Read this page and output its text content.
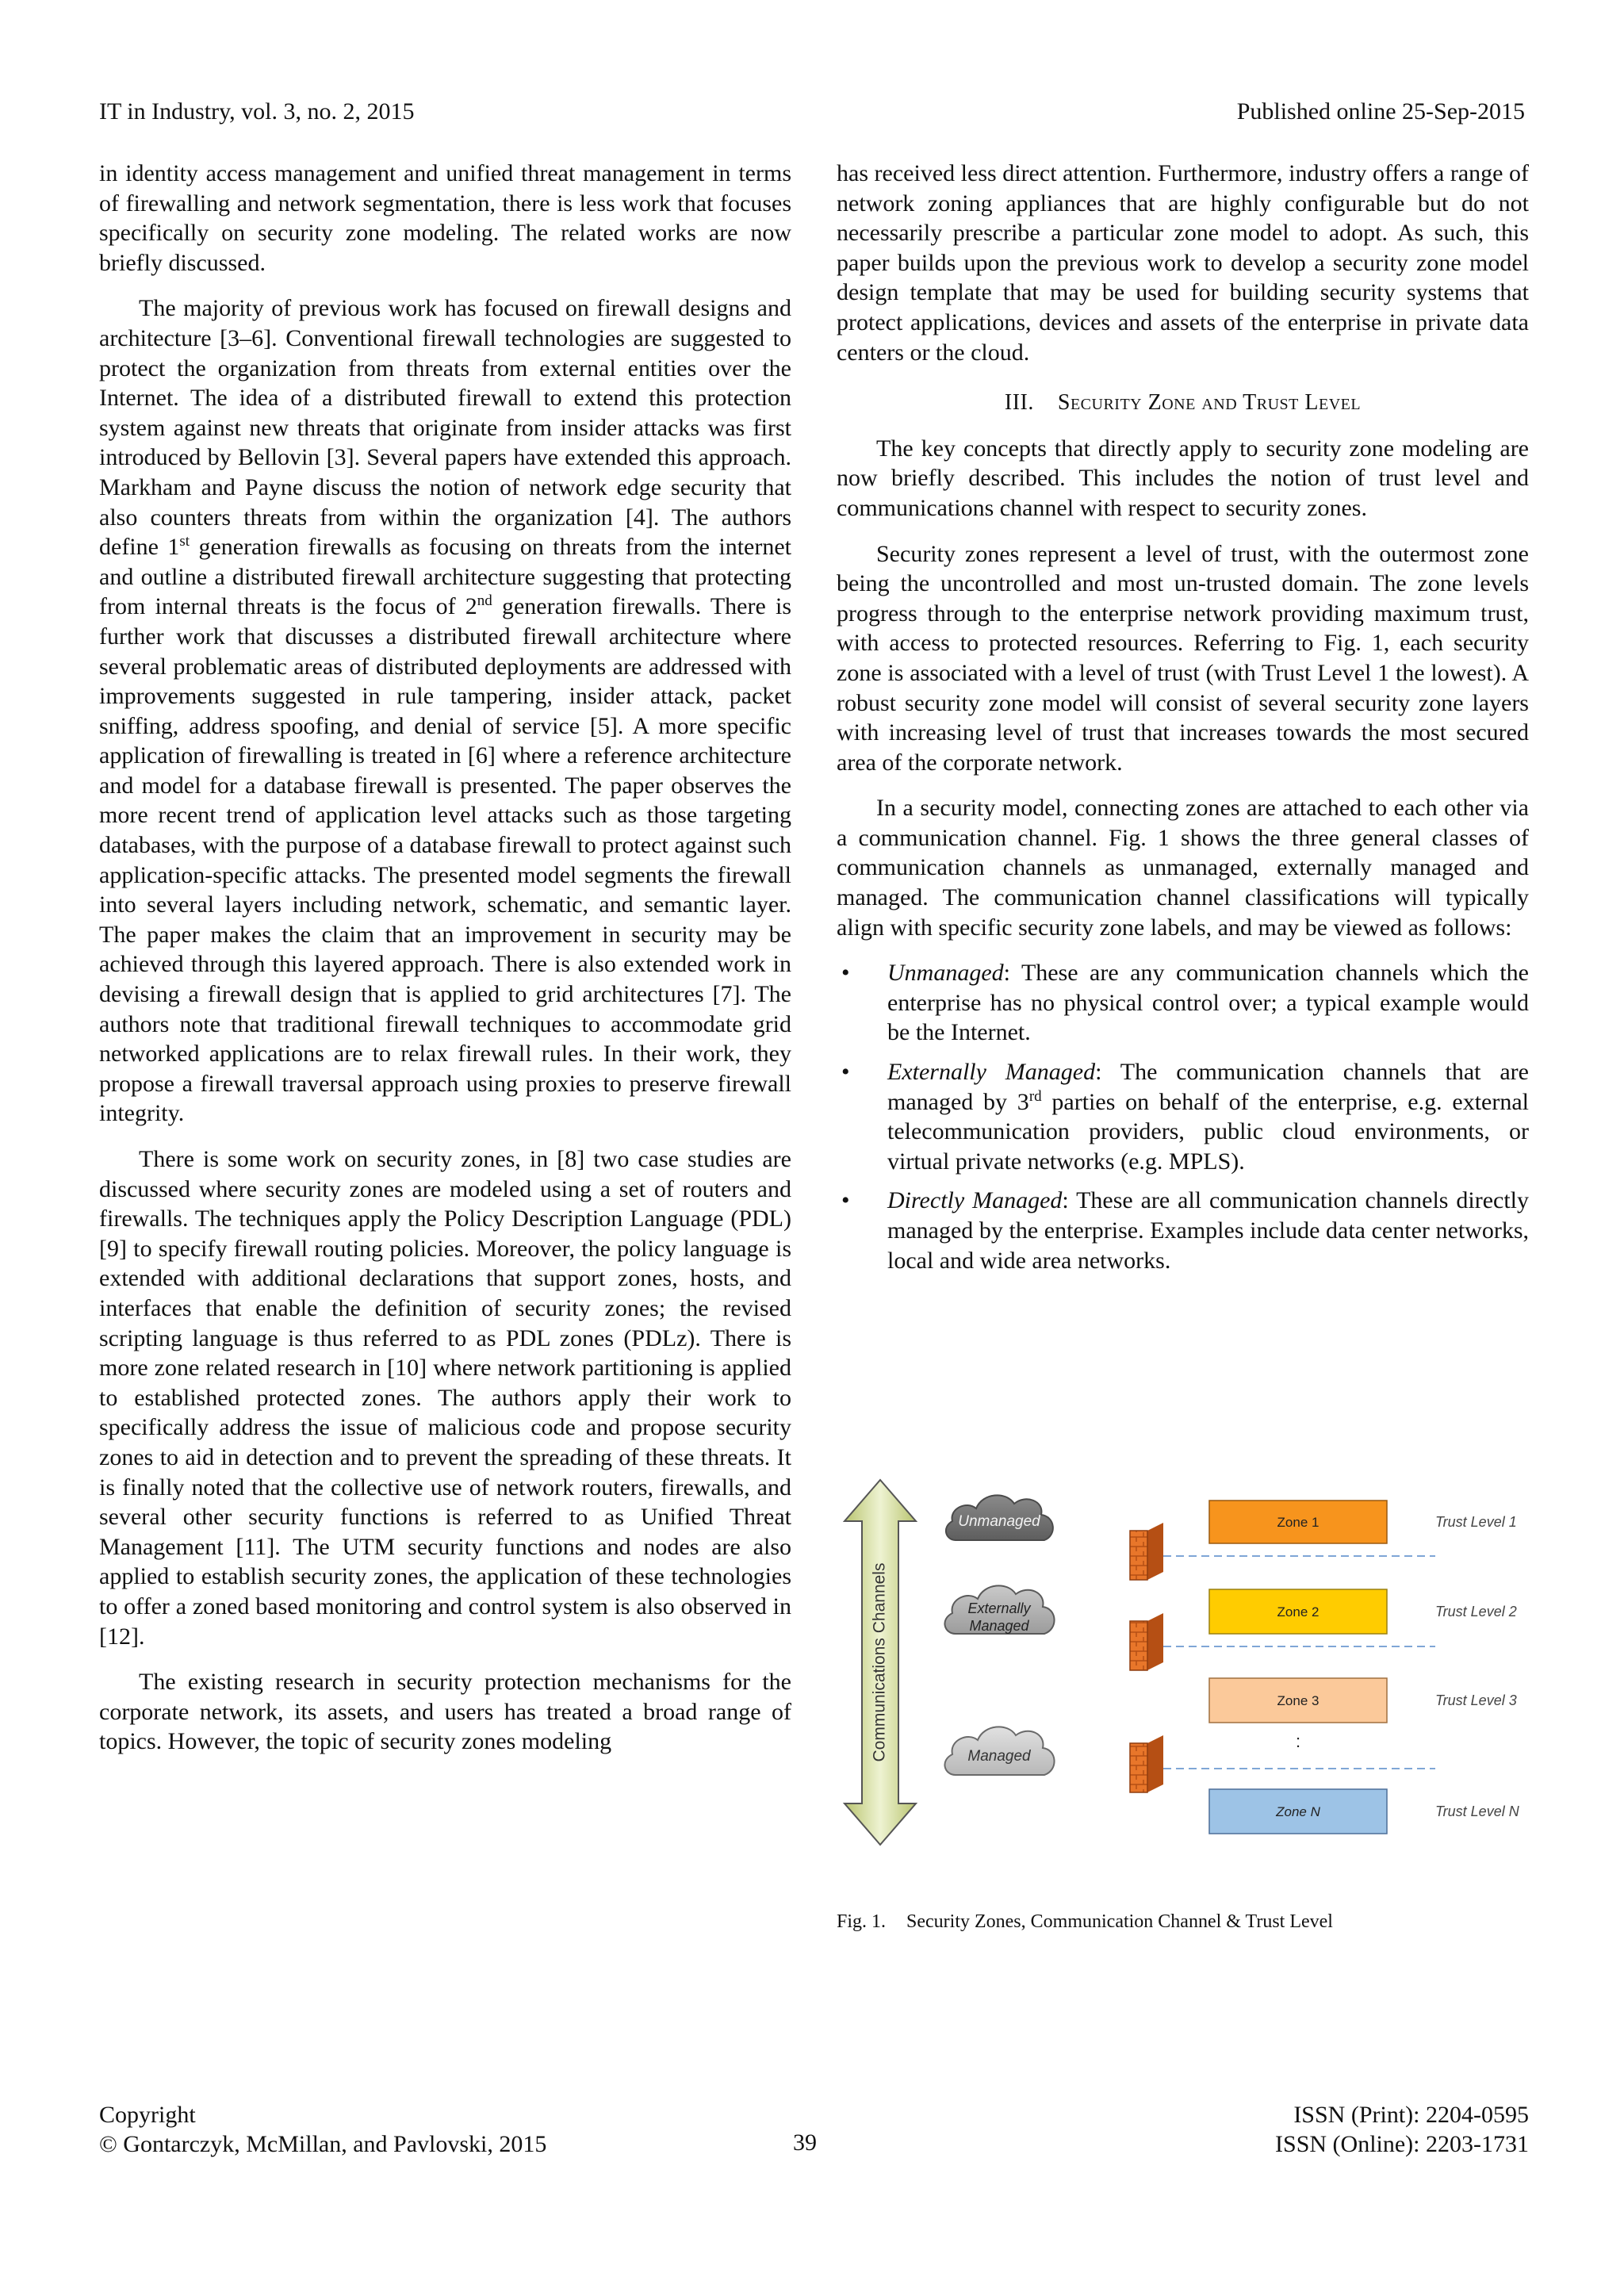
IT in Industry, vol. 3, no. 2, 2015	Published online 25-Sep-2015

in identity access management and unified threat management in terms of firewalling and network segmentation, there is less work that focuses specifically on security zone modeling. The related works are now briefly discussed.

The majority of previous work has focused on firewall designs and architecture [3–6]. Conventional firewall technologies are suggested to protect the organization from threats from external entities over the Internet. The idea of a distributed firewall to extend this protection system against new threats that originate from insider attacks was first introduced by Bellovin [3]. Several papers have extended this approach. Markham and Payne discuss the notion of network edge security that also counters threats from within the organization [4]. The authors define 1st generation firewalls as focusing on threats from the internet and outline a distributed firewall architecture suggesting that protecting from internal threats is the focus of 2nd generation firewalls. There is further work that discusses a distributed firewall architecture where several problematic areas of distributed deployments are addressed with improvements suggested in rule tampering, insider attack, packet sniffing, address spoofing, and denial of service [5]. A more specific application of firewalling is treated in [6] where a reference architecture and model for a database firewall is presented. The paper observes the more recent trend of application level attacks such as those targeting databases, with the purpose of a database firewall to protect against such application-specific attacks. The presented model segments the firewall into several layers including network, schematic, and semantic layer. The paper makes the claim that an improvement in security may be achieved through this layered approach. There is also extended work in devising a firewall design that is applied to grid architectures [7]. The authors note that traditional firewall techniques to accommodate grid networked applications are to relax firewall rules. In their work, they propose a firewall traversal approach using proxies to preserve firewall integrity.

There is some work on security zones, in [8] two case studies are discussed where security zones are modeled using a set of routers and firewalls. The techniques apply the Policy Description Language (PDL) [9] to specify firewall routing policies. Moreover, the policy language is extended with additional declarations that support zones, hosts, and interfaces that enable the definition of security zones; the revised scripting language is thus referred to as PDL zones (PDLz). There is more zone related research in [10] where network partitioning is applied to established protected zones. The authors apply their work to specifically address the issue of malicious code and propose security zones to aid in detection and to prevent the spreading of these threats. It is finally noted that the collective use of network routers, firewalls, and several other security functions is referred to as Unified Threat Management [11]. The UTM security functions and nodes are also applied to establish security zones, the application of these technologies to offer a zoned based monitoring and control system is also observed in [12].

The existing research in security protection mechanisms for the corporate network, its assets, and users has treated a broad range of topics. However, the topic of security zones modeling

has received less direct attention. Furthermore, industry offers a range of network zoning appliances that are highly configurable but do not necessarily prescribe a particular zone model to adopt. As such, this paper builds upon the previous work to develop a security zone model design template that may be used for building security systems that protect applications, devices and assets of the enterprise in private data centers or the cloud.

III. Security Zone and Trust Level

The key concepts that directly apply to security zone modeling are now briefly described. This includes the notion of trust level and communications channel with respect to security zones.

Security zones represent a level of trust, with the outermost zone being the uncontrolled and most un-trusted domain. The zone levels progress through to the enterprise network providing maximum trust, with access to protected resources. Referring to Fig. 1, each security zone is associated with a level of trust (with Trust Level 1 the lowest). A robust security zone model will consist of several security zone layers with increasing level of trust that increases towards the most secured area of the corporate network.

In a security model, connecting zones are attached to each other via a communication channel. Fig. 1 shows the three general classes of communication channels as unmanaged, externally managed and managed. The communication channel classifications will typically align with specific security zone labels, and may be viewed as follows:

• Unmanaged: These are any communication channels which the enterprise has no physical control over; a typical example would be the Internet.
• Externally Managed: The communication channels that are managed by 3rd parties on behalf of the enterprise, e.g. external telecommunication providers, public cloud environments, or virtual private networks (e.g. MPLS).
• Directly Managed: These are all communication channels directly managed by the enterprise. Examples include data center networks, local and wide area networks.
Communications Channels
Unmanaged
Externally
Managed
Managed
Zone 1
Zone 2
Zone 3
:
Zone N
Trust Level 1
Trust Level 2
Trust Level 3
Trust Level N
Fig. 1. Security Zones, Communication Channel & Trust Level
Copyright
© Gontarczyk, McMillan, and Pavlovski, 2015	39
ISSN (Print): 2204-0595
ISSN (Online): 2203-1731
